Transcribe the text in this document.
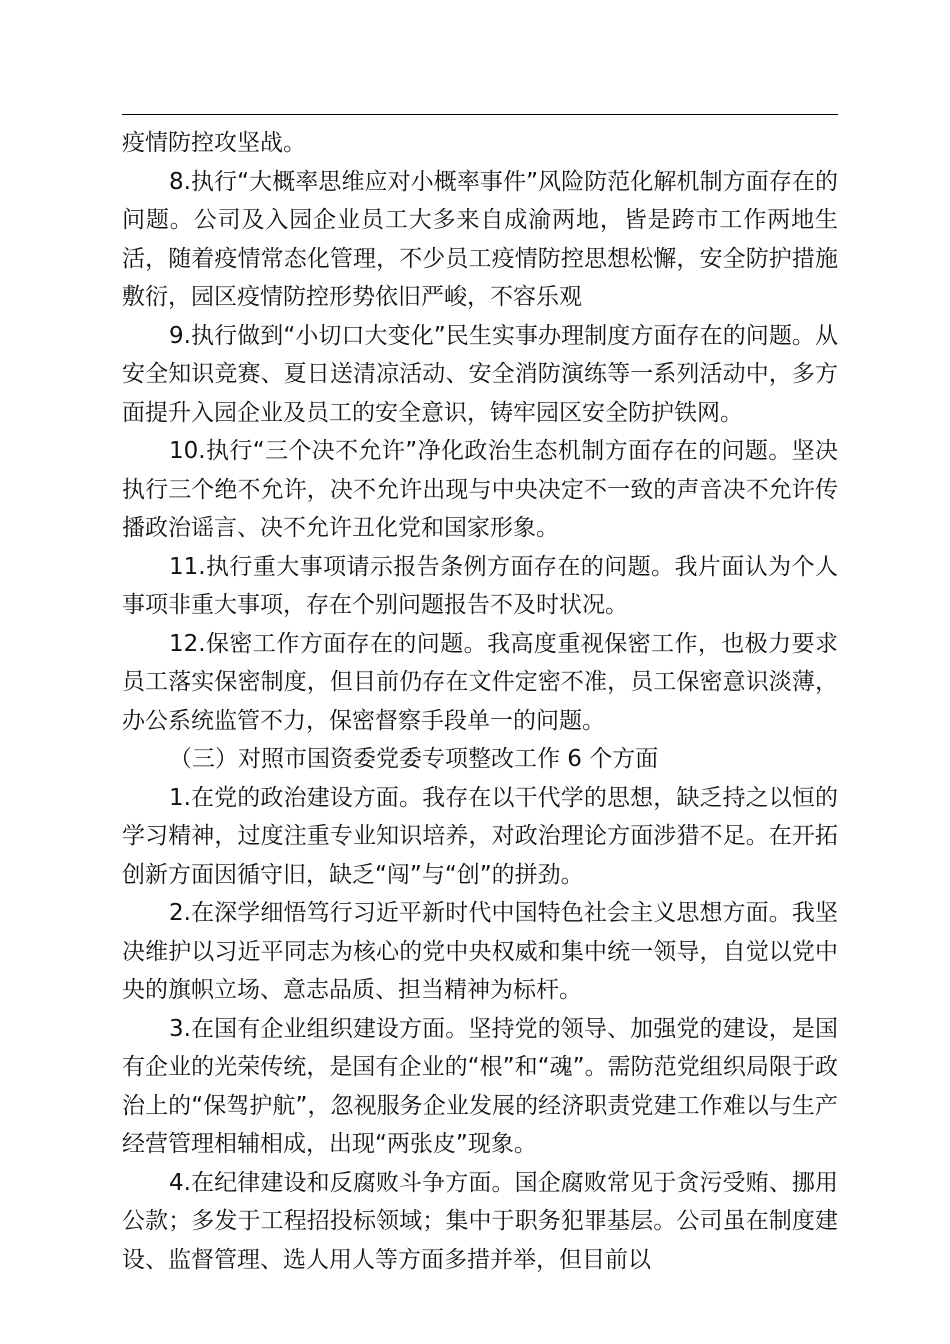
疫情防控攻坚战。

8.执行“大概率思维应对小概率事件”风险防范化解机制方面存在的问题。公司及入园企业员工大多来自成渝两地，皆是跨市工作两地生活，随着疫情常态化管理，不少员工疫情防控思想松懈，安全防护措施敷衍，园区疫情防控形势依旧严峻，不容乐观

9.执行做到“小切口大变化”民生实事办理制度方面存在的问题。从安全知识竞赛、夏日送清凉活动、安全消防演练等一系列活动中，多方面提升入园企业及员工的安全意识，铸牢园区安全防护铁网。

10.执行“三个决不允许”净化政治生态机制方面存在的问题。坚决执行三个绝不允许，决不允许出现与中央决定不一致的声音决不允许传播政治谣言、决不允许丑化党和国家形象。

11.执行重大事项请示报告条例方面存在的问题。我片面认为个人事项非重大事项，存在个别问题报告不及时状况。

12.保密工作方面存在的问题。我高度重视保密工作，也极力要求员工落实保密制度，但目前仍存在文件定密不准，员工保密意识淡薄，办公系统监管不力，保密督察手段单一的问题。

（三）对照市国资委党委专项整改工作 6 个方面

1.在党的政治建设方面。我存在以干代学的思想，缺乏持之以恒的学习精神，过度注重专业知识培养，对政治理论方面涉猎不足。在开拓创新方面因循守旧，缺乏“闯”与“创”的拼劲。

2.在深学细悟笃行习近平新时代中国特色社会主义思想方面。我坚决维护以习近平同志为核心的党中央权威和集中统一领导，自觉以党中央的旗帜立场、意志品质、担当精神为标杆。

3.在国有企业组织建设方面。坚持党的领导、加强党的建设，是国有企业的光荣传统，是国有企业的“根”和“魂”。需防范党组织局限于政治上的“保驾护航”，忽视服务企业发展的经济职责党建工作难以与生产经营管理相辅相成，出现“两张皮”现象。

4.在纪律建设和反腐败斗争方面。国企腐败常见于贪污受贿、挪用公款；多发于工程招投标领域；集中于职务犯罪基层。公司虽在制度建设、监督管理、选人用人等方面多措并举，但目前以
